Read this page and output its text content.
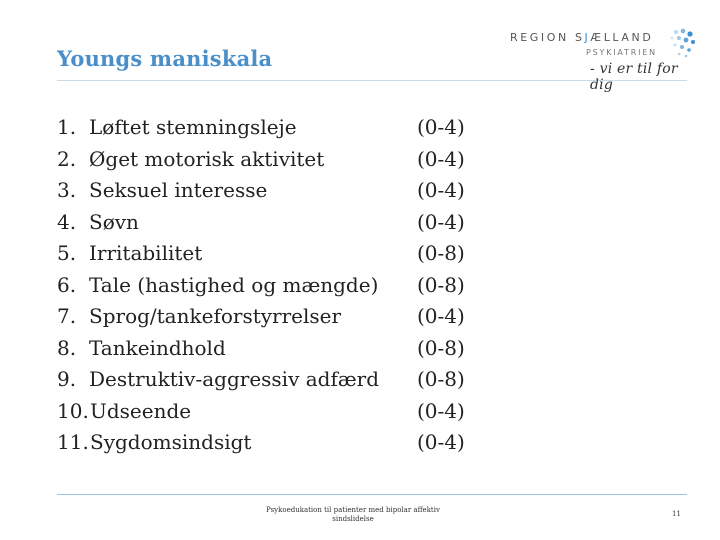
Youngs maniskala
REGION SJÆLLAND
PSYKIATRIEN
- vi er til for dig
1. Løftet stemningsleje	(0-4)
2. Øget motorisk aktivitet	(0-4)
3. Seksuel interesse	(0-4)
4. Søvn	(0-4)
5. Irritabilitet	(0-8)
6. Tale (hastighed og mængde) (0-8)
7. Sprog/tankeforstyrrelser	(0-4)
8. Tankeindhold	(0-8)
9. Destruktiv-aggressiv adfærd (0-8)
10. Udseende	(0-4)
11. Sygdomsindsigt	(0-4)
Psykoedukation til patienter med bipolar affektiv sindslidelse
11
